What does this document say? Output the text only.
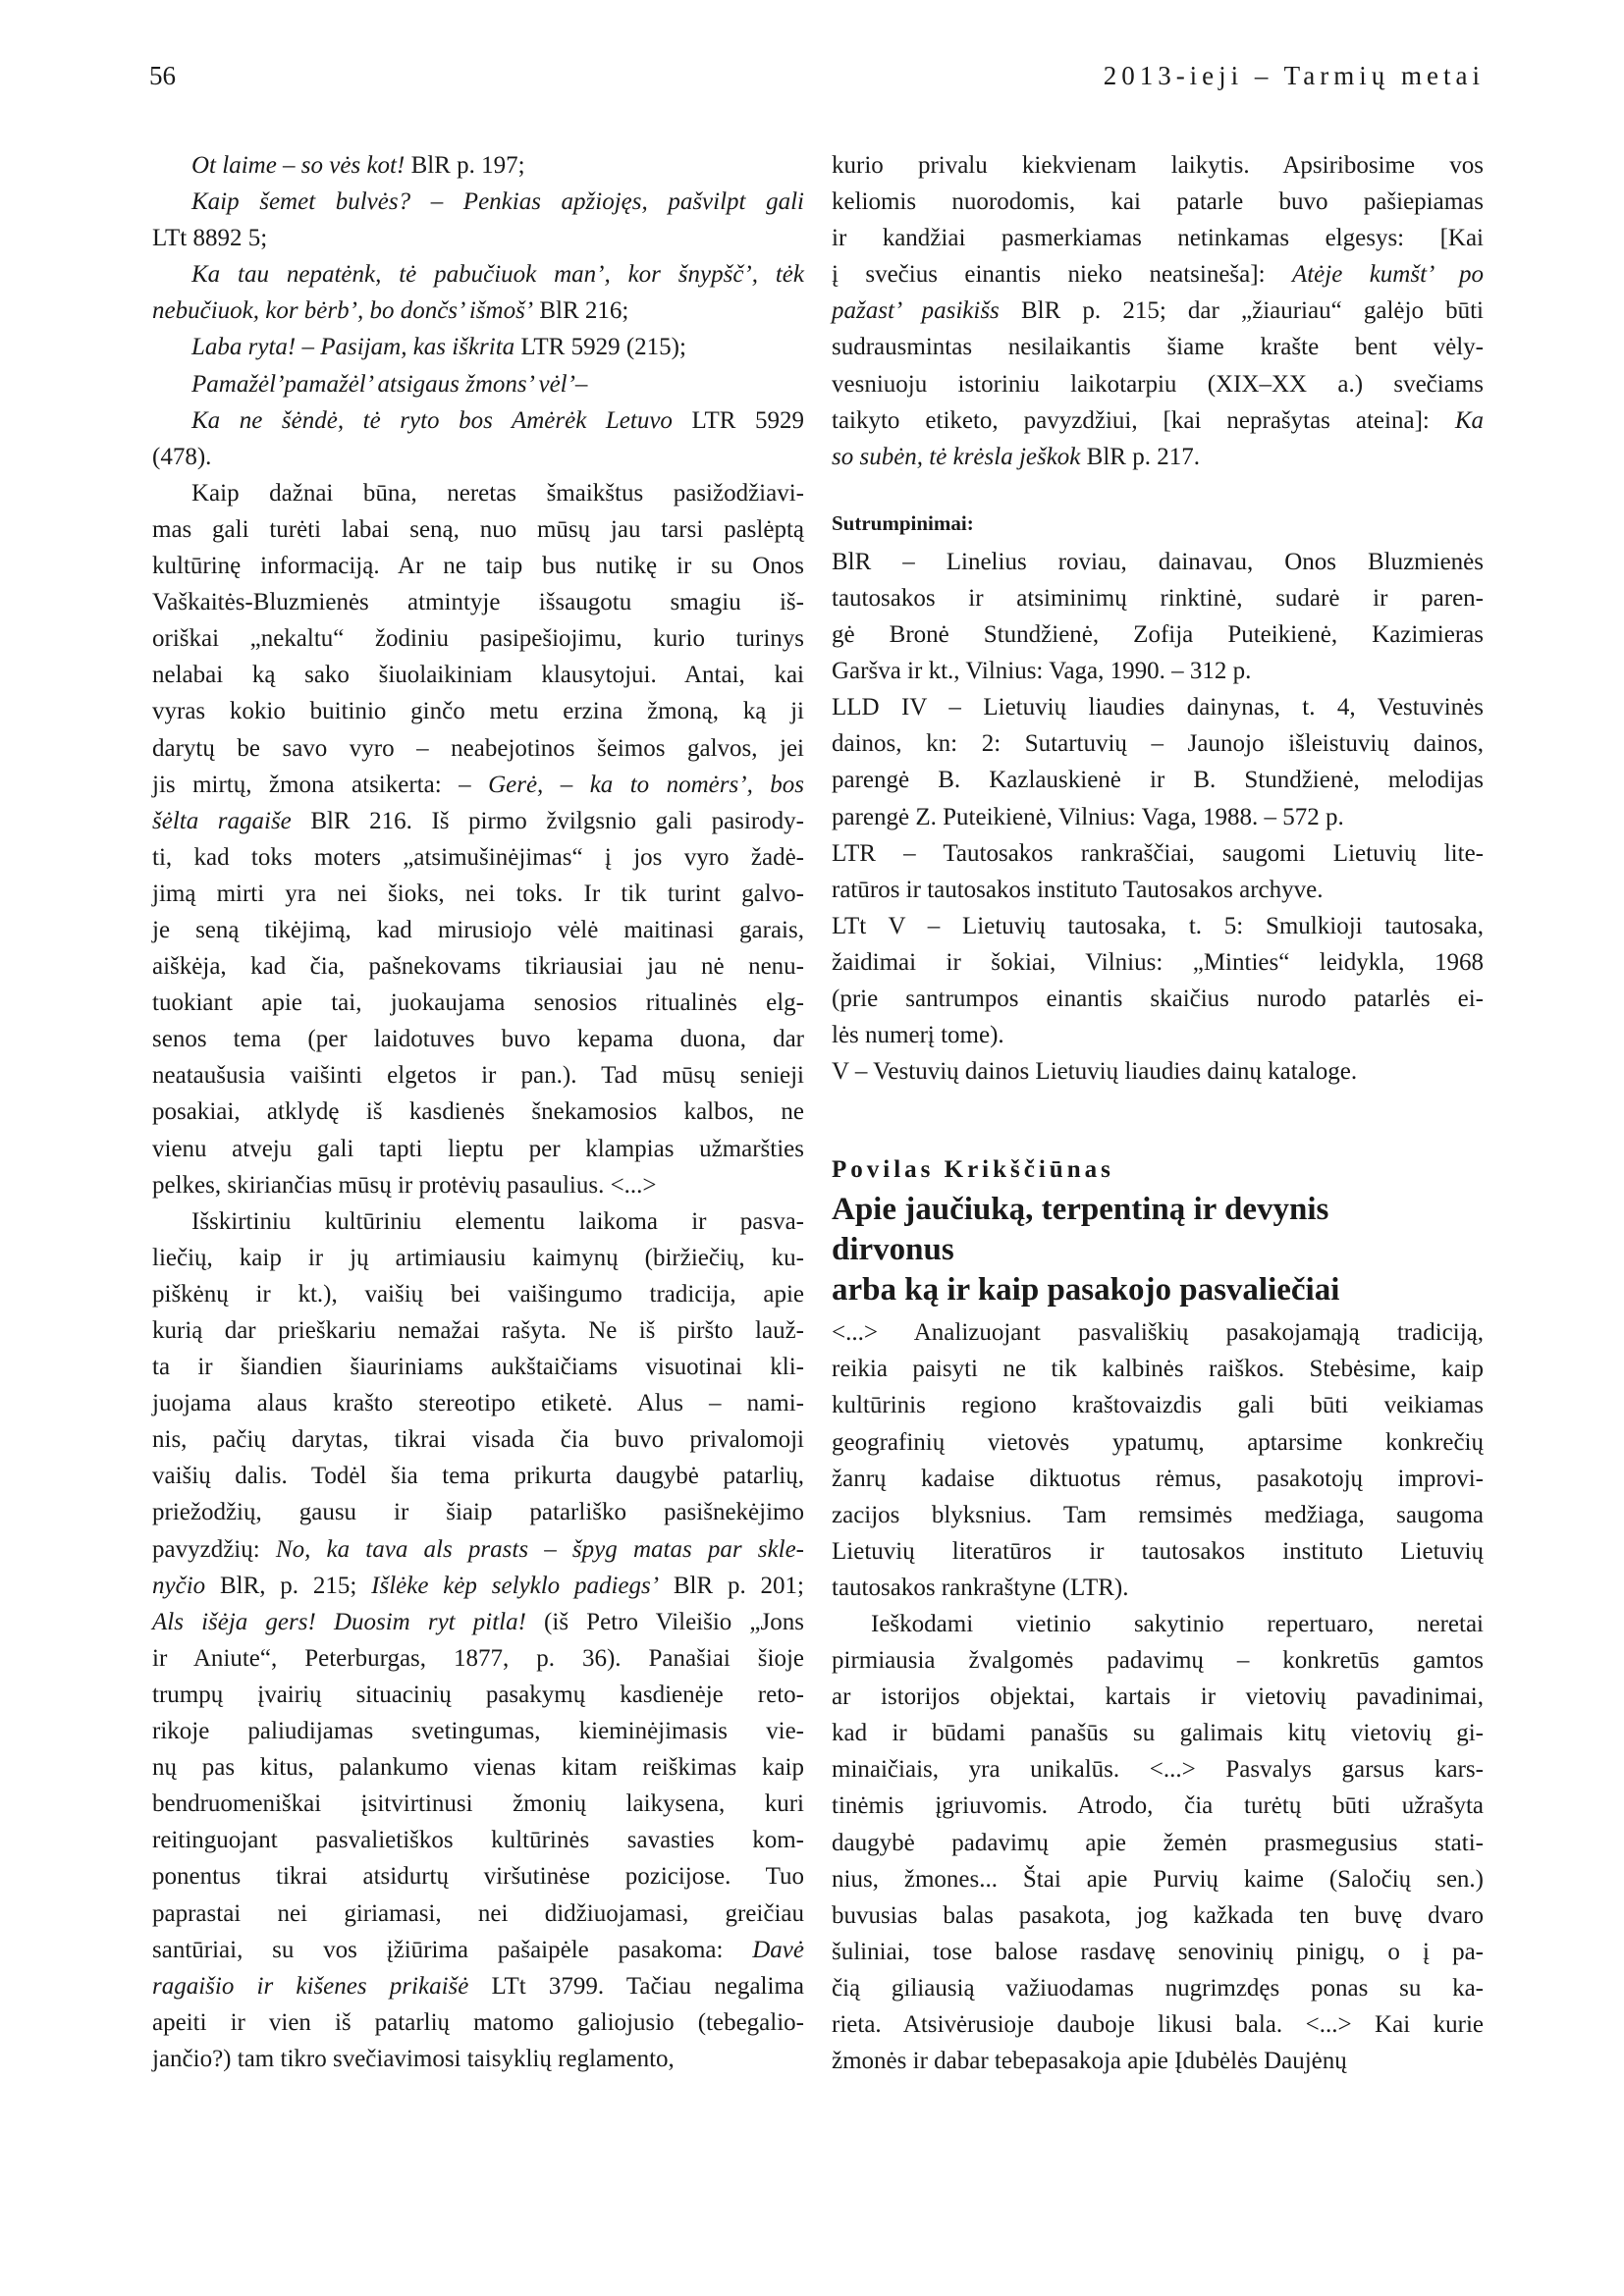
56	2013-ieji – Tarmių metai

Ot laime – so vės kot! BlR p. 197;

Kaip šemet bulvės? – Penkias apžiojęs, pašvilpt gali
LTt 8892 5;

Ka tau nepatėnk, tė pabučiuok man’, kor šnypšč’, tėk
nebučiuok, kor bėrb’, bo dončs’ išmoš’ BlR 216;

Laba ryta! – Pasijam, kas iškrita LTR 5929 (215);

Pamažėl’pamažėl’ atsigaus žmons’ vėl’–

Ka ne šėndė, tė ryto bos Amėrėk Letuvo LTR 5929
(478).

Kaip dažnai būna, neretas šmaikštus pasižodžiavi-
mas gali turėti labai seną, nuo mūsų jau tarsi paslėptą
kultūrinę informaciją. Ar ne taip bus nutikę ir su Onos
Vaškaitės-Bluzmienės atmintyje išsaugotu smagiu iš-
oriškai „nekaltu“ žodiniu pasipešiojimu, kurio turinys
nelabai ką sako šiuolaikiniam klausytojui. Antai, kai
vyras kokio buitinio ginčo metu erzina žmoną, ką ji
darytų be savo vyro – neabejotinos šeimos galvos, jei
jis mirtų, žmona atsikerta: – Gerė, – ka to nomėrs’, bos
šėlta ragaiše BlR 216. Iš pirmo žvilgsnio gali pasirody-
ti, kad toks moters „atsimušinėjimas“ į jos vyro žadė-
jimą mirti yra nei šioks, nei toks. Ir tik turint galvo-
je seną tikėjimą, kad mirusiojo vėlė maitinasi garais,
aiškėja, kad čia, pašnekovams tikriausiai jau nė nenu-
tuokiant apie tai, juokaujama senosios ritualinės elg-
senos tema (per laidotuves buvo kepama duona, dar
neataušusia vaišinti elgetos ir pan.). Tad mūsų senieji
posakiai, atklydę iš kasdienės šnekamosios kalbos, ne
vienu atveju gali tapti lieptu per klampias užmaršties
pelkes, skiriančias mūsų ir protėvių pasaulius. <...>

Išskirtiniu kultūriniu elementu laikoma ir pasva-
liečių, kaip ir jų artimiausiu kaimynų (biržiečių, ku-
piškėnų ir kt.), vaišių bei vaišingumo tradicija, apie
kurią dar prieškariu nemažai rašyta. Ne iš piršto lauž-
ta ir šiandien šiauriniams aukštaičiams visuotinai kli-
juojama alaus krašto stereotipo etiketė. Alus – nami-
nis, pačių darytas, tikrai visada čia buvo privalomoji
vaišių dalis. Todėl šia tema prikurta daugybė patarlių,
priežodžių, gausu ir šiaip patarliško pasišnekėjimo
pavyzdžių: No, ka tava als prasts – špyg matas par skle-
nyčio BlR, p. 215; Išlėke kėp selyklo padiegs’ BlR p. 201;
Als išėja gers! Duosim ryt pitla! (iš Petro Vileišio „Jons
ir Aniute“, Peterburgas, 1877, p. 36). Panašiai šioje
trumpų įvairių situacinių pasakymų kasdienėje reto-
rikoje paliudijamas svetingumas, kieminėjimasis vie-
nų pas kitus, palankumo vienas kitam reiškimas kaip
bendruomeniškai įsitvirtinusi žmonių laikysena, kuri
reitinguojant pasvalietiškos kultūrinės savasties kom-
ponentus tikrai atsidurtų viršutinėse pozicijose. Tuo
paprastai nei giriamasi, nei didžiuojamasi, greičiau
santūriai, su vos įžiūrima pašaipėle pasakoma: Davė
ragaišio ir kišenes prikaišė LTt 3799. Tačiau negalima
apeiti ir vien iš patarlių matomo galiojusio (tebegalio-
jančio?) tam tikro svečiavimosi taisyklių reglamento,

kurio privalu kiekvienam laikytis. Apsiribosime vos
keliomis nuorodomis, kai patarle buvo pašiepiamas
ir kandžiai pasmerkiamas netinkamas elgesys: [Kai
į svečius einantis nieko neatsineša]: Atėje kumšt’ po
pažast’ pasikišs BlR p. 215; dar „žiauriau“ galėjo būti
sudrausmintas nesilaikantis šiame krašte bent vėly-
vesniuoju istoriniu laikotarpiu (XIX–XX a.) svečiams
taikyto etiketo, pavyzdžiui, [kai neprašytas ateina]: Ka
so subėn, tė krėsla ješkok BlR p. 217.

Sutrumpinimai:

BlR – Linelius roviau, dainavau, Onos Bluzmienės
tautosakos ir atsiminimų rinktinė, sudarė ir paren-
gė Bronė Stundžienė, Zofija Puteikienė, Kazimieras
Garšva ir kt., Vilnius: Vaga, 1990. – 312 p.

LLD IV – Lietuvių liaudies dainynas, t. 4, Vestuvinės
dainos, kn: 2: Sutartuvių – Jaunojo išleistuvių dainos,
parengė B. Kazlauskienė ir B. Stundžienė, melodijas
parengė Z. Puteikienė, Vilnius: Vaga, 1988. – 572 p.

LTR – Tautosakos rankraščiai, saugomi Lietuvių lite-
ratūros ir tautosakos instituto Tautosakos archyve.

LTt V – Lietuvių tautosaka, t. 5: Smulkioji tautosaka,
žaidimai ir šokiai, Vilnius: „Minties“ leidykla, 1968
(prie santrumpos einantis skaičius nurodo patarlės ei-
lės numerį tome).

V – Vestuvių dainos Lietuvių liaudies dainų kataloge.

Povilas Krikščiūnas

Apie jaučiuką, terpentiną ir devynis
dirvonus
arba ką ir kaip pasakojo pasvaliečiai

<...> Analizuojant pasvališkių pasakojamąją tradiciją,
reikia paisyti ne tik kalbinės raiškos. Stebėsime, kaip
kultūrinis regiono kraštovaizdis gali būti veikiamas
geografinių vietovės ypatumų, aptarsime konkrečių
žanrų kadaise diktuotus rėmus, pasakotojų improvi-
zacijos blyksnius. Tam remsimės medžiaga, saugoma
Lietuvių literatūros ir tautosakos instituto Lietuvių
tautosakos rankraštyne (LTR).

Ieškodami vietinio sakytinio repertuaro, neretai
pirmiausia žvalgomės padavimų – konkretūs gamtos
ar istorijos objektai, kartais ir vietovių pavadinimai,
kad ir būdami panašūs su galimais kitų vietovių gi-
minaičiais, yra unikalūs. <...> Pasvalys garsus kars-
tinėmis įgriuvomis. Atrodo, čia turėtų būti užrašyta
daugybė padavimų apie žemėn prasmegusius stati-
nius, žmones... Štai apie Purvių kaime (Saločių sen.)
buvusias balas pasakota, jog kažkada ten buvę dvaro
šuliniai, tose balose rasdavę senovinių pinigų, o į pa-
čią giliausią važiuodamas nugrimzdęs ponas su ka-
rieta. Atsivėrusioje dauboje likusi bala. <...> Kai kurie
žmonės ir dabar tebepasakoja apie Įdubėlės Daujėnų
